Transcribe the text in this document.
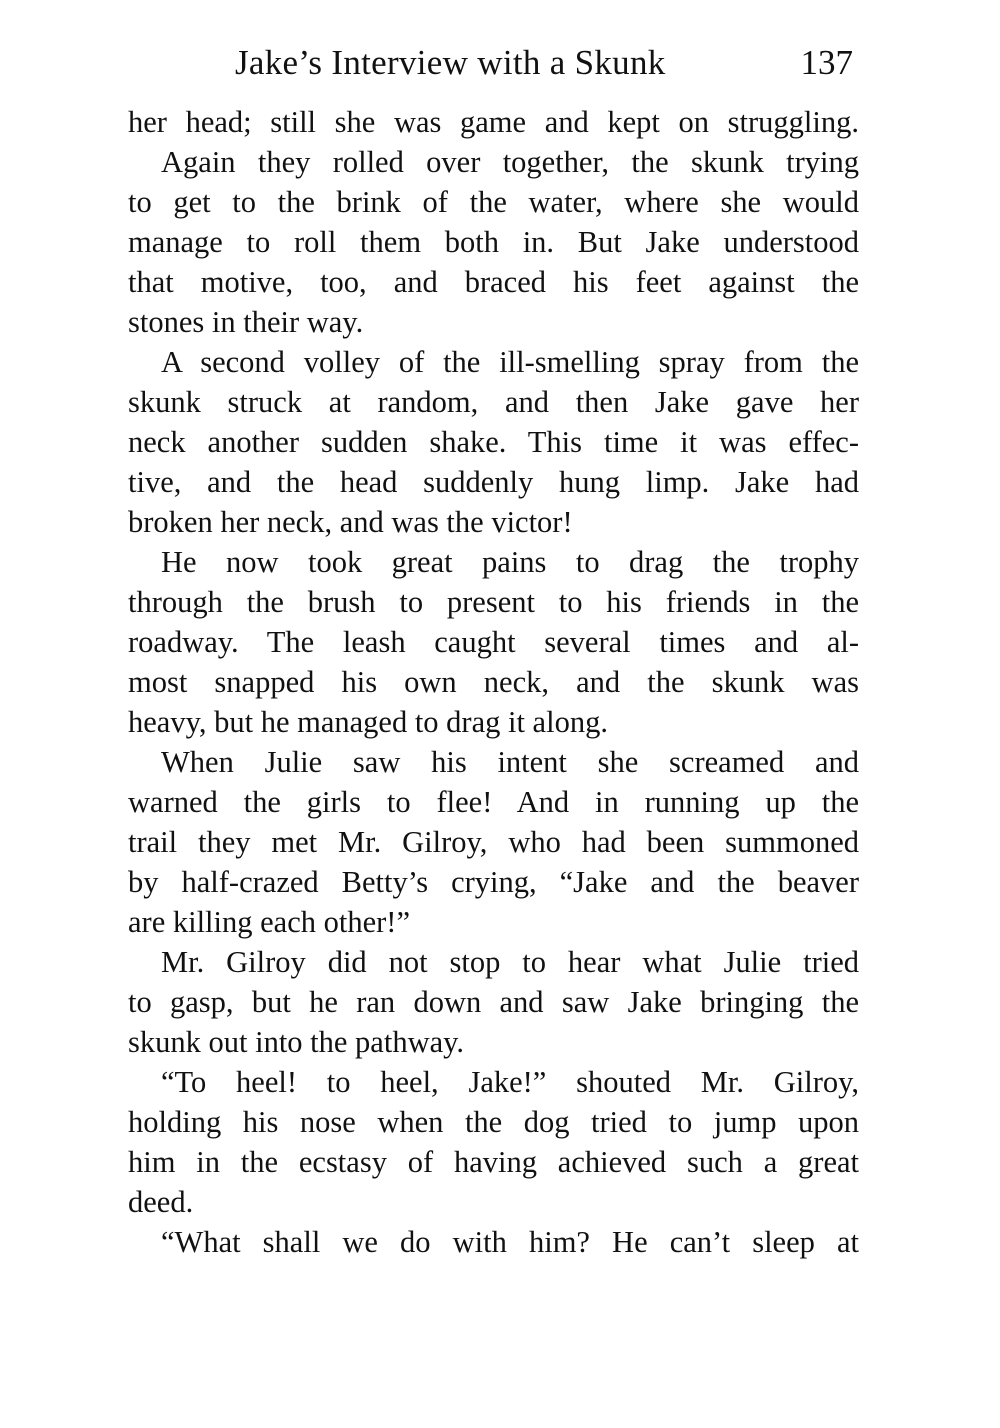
Jake’s Interview with a Skunk	137
her head; still she was game and kept on struggling.
Again they rolled over together, the skunk trying
to get to the brink of the water, where she would
manage to roll them both in. But Jake understood
that motive, too, and braced his feet against the
stones in their way.
A second volley of the ill-smelling spray from the
skunk struck at random, and then Jake gave her
neck another sudden shake. This time it was effec-
tive, and the head suddenly hung limp. Jake had
broken her neck, and was the victor!
He now took great pains to drag the trophy
through the brush to present to his friends in the
roadway. The leash caught several times and al-
most snapped his own neck, and the skunk was
heavy, but he managed to drag it along.
When Julie saw his intent she screamed and
warned the girls to flee! And in running up the
trail they met Mr. Gilroy, who had been summoned
by half-crazed Betty’s crying, “Jake and the beaver
are killing each other!”
Mr. Gilroy did not stop to hear what Julie tried
to gasp, but he ran down and saw Jake bringing the
skunk out into the pathway.
“To heel! to heel, Jake!” shouted Mr. Gilroy,
holding his nose when the dog tried to jump upon
him in the ecstasy of having achieved such a great
deed.
“What shall we do with him? He can’t sleep at
